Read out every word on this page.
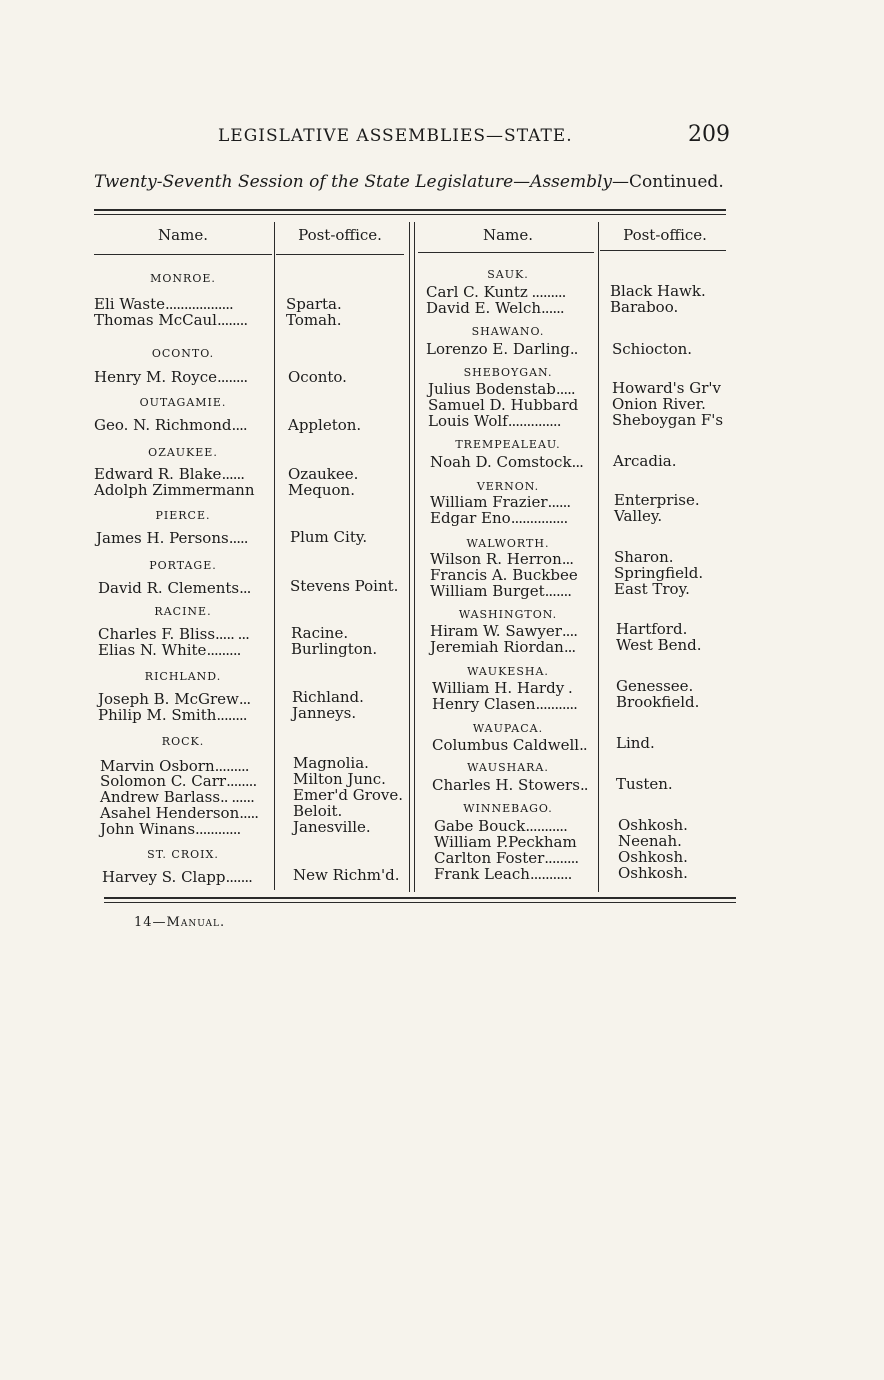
LEGISLATIVE ASSEMBLIES—STATE.	209
Twenty-Seventh Session of the State Legislature—Assembly—Continued.
Name.	Post-office.	Name.	Post-office.
MONROE.
Eli Waste..................	Sparta.
Thomas McCaul........	Tomah.
OCONTO.
Henry M. Royce........	Oconto.
OUTAGAMIE.
Geo. N. Richmond....	Appleton.
OZAUKEE.
Edward R. Blake......	Ozaukee.
Adolph Zimmermann Mequon.
PIERCE.
James H. Persons.....	Plum City.
PORTAGE.
David R. Clements...	Stevens Point.
RACINE.
Charles F. Bliss..... ...	Racine.
Elias N. White.........	Burlington.
RICHLAND.
Joseph B. McGrew...	Richland.
Philip M. Smith........	Janneys.
ROCK.
Marvin Osborn.........	Magnolia.
Solomon C. Carr........ Milton Junc.
Andrew Barlass.. ......	Emer'd Grove.
Asahel Henderson..... Beloit.
John Winans............	Janesville.
ST. CROIX.
Harvey S. Clapp.......	New Richm'd.
SAUK.
Carl C. Kuntz .........	Black Hawk.
David E. Welch......	Baraboo.
SHAWANO.
Lorenzo E. Darling.. Schiocton.
SHEBOYGAN.
Julius Bodenstab..... Howard's Gr'v
Samuel D. Hubbard Onion River.
Louis Wolf..............	Sheboygan F's
TREMPEALEAU.
Noah D. Comstock... Arcadia.
VERNON.
William Frazier......	Enterprise.
Edgar Eno...............	Valley.
WALWORTH.
Wilson R. Herron...	Sharon.
Francis A. Buckbee Springfield.
William Burget.......	East Troy.
WASHINGTON.
Hiram W. Sawyer....	Hartford.
Jeremiah Riordan...	West Bend.
WAUKESHA.
William H. Hardy .	Genessee.
Henry Clasen...........	Brookfield.
WAUPACA.
Columbus Caldwell.. Lind.
WAUSHARA.
Charles H. Stowers.. Tusten.
WINNEBAGO.
Gabe Bouck...........	Oshkosh.
William P.Peckham	Neenah.
Carlton Foster.........	Oshkosh.
Frank Leach...........	Oshkosh.
14—Manual.
